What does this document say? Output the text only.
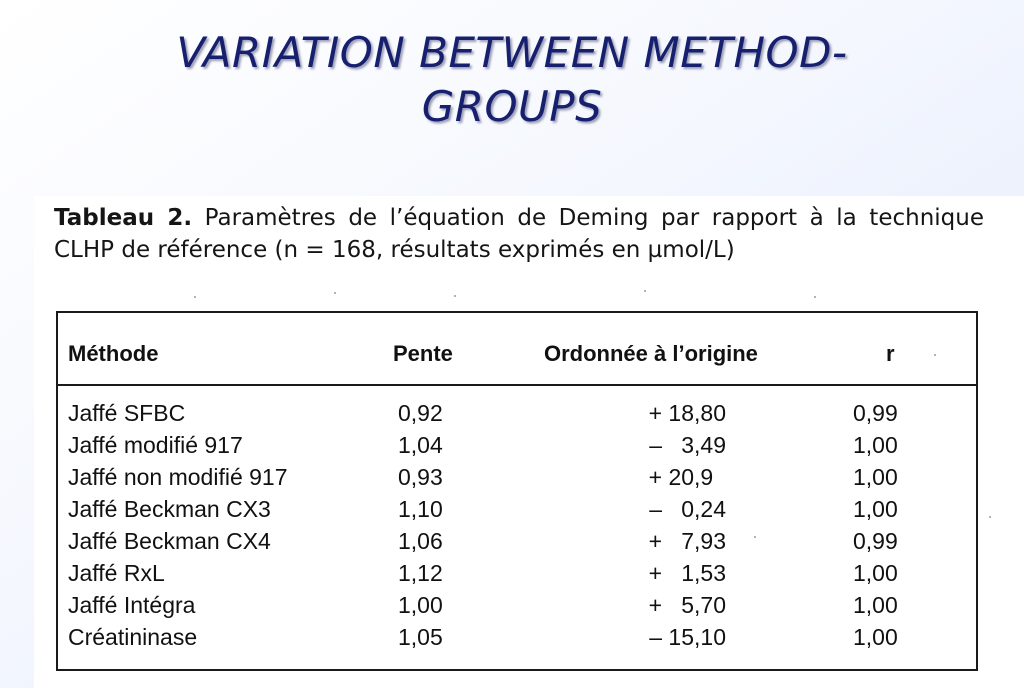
VARIATION BETWEEN METHOD-
GROUPS
Tableau 2. Paramètres de l’équation de Deming par rapport à la technique CLHP de référence (n = 168, résultats exprimés en µmol/L)
Méthode	Pente	Ordonnée à l’origine	r
Jaffé SFBC	0,92	+ 18,80	0,99
Jaffé modifié 917	1,04	–   3,49	1,00
Jaffé non modifié 917	0,93	+ 20,9	1,00
Jaffé Beckman CX3	1,10	–   0,24	1,00
Jaffé Beckman CX4	1,06	+   7,93	0,99
Jaffé RxL	1,12	+   1,53	1,00
Jaffé Intégra	1,00	+   5,70	1,00
Créatininase	1,05	– 15,10	1,00
